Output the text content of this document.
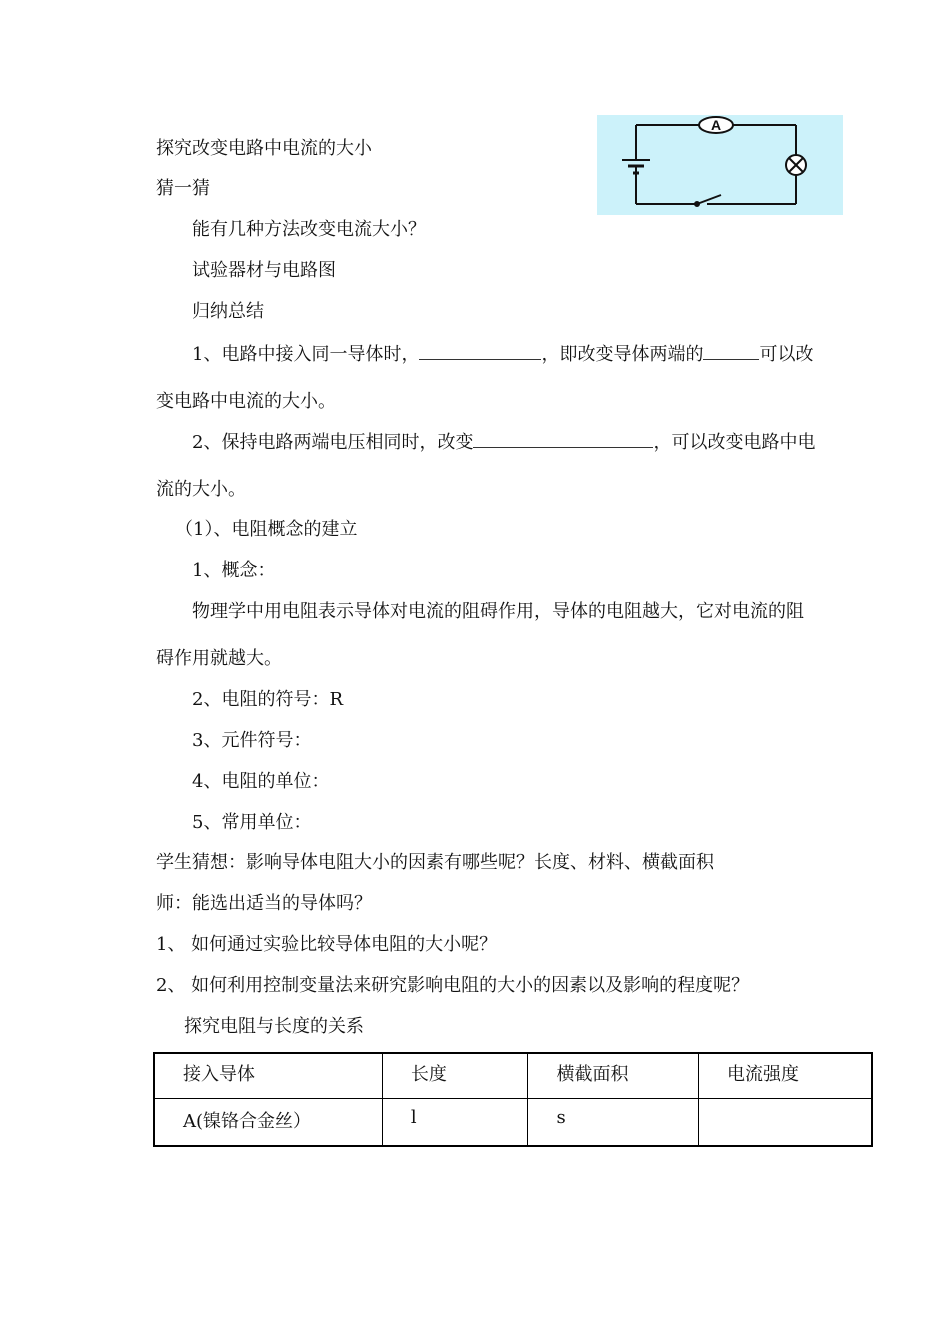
探究改变电路中电流的大小
A
猜一猜
能有几种方法改变电流大小？
试验器材与电路图
归纳总结
1、电路中接入同一导体时，	，即改变导体两端的	可以改
变电路中电流的大小。
2、保持电路两端电压相同时，改变	，可以改变电路中电
流的大小。
（1）、电阻概念的建立
1、概念：
物理学中用电阻表示导体对电流的阻碍作用，导体的电阻越大，它对电流的阻
碍作用就越大。
2、电阻的符号：R
3、元件符号：
4、电阻的单位：
5、常用单位：
学生猜想：影响导体电阻大小的因素有哪些呢？长度、材料、横截面积
师：能选出适当的导体吗？
1、 如何通过实验比较导体电阻的大小呢？
2、 如何利用控制变量法来研究影响电阻的大小的因素以及影响的程度呢？
探究电阻与长度的关系
接入导体	长度	横截面积	电流强度
A(镍铬合金丝）	l	s	
